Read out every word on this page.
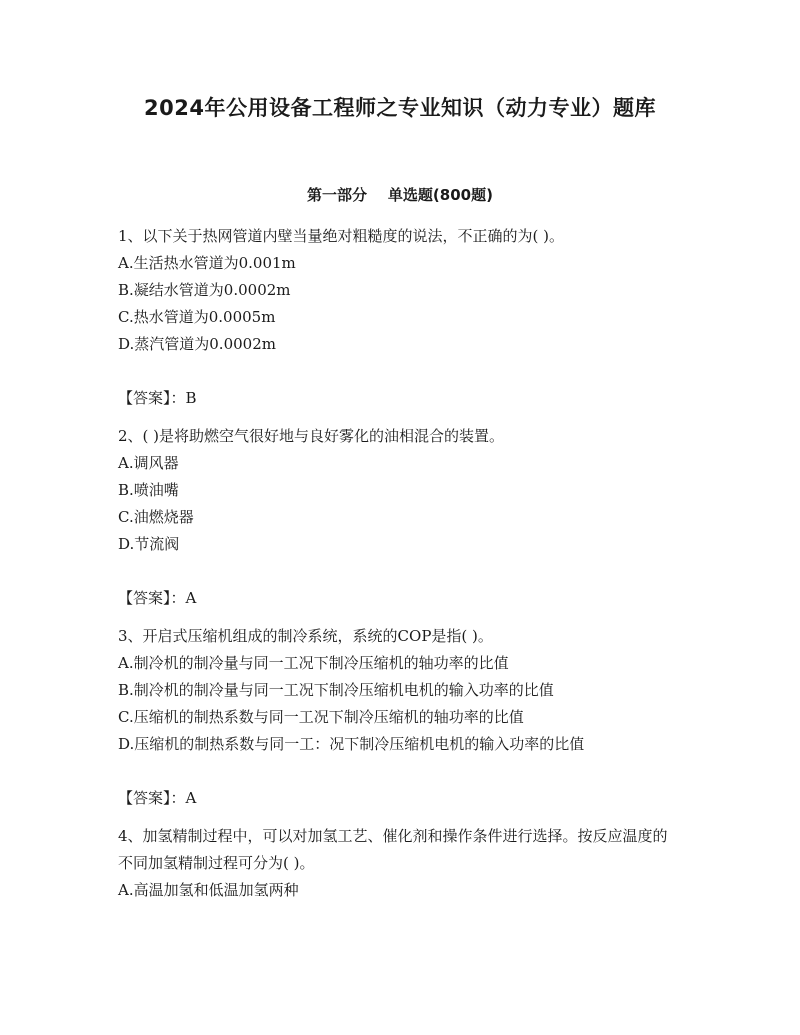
2024年公用设备工程师之专业知识（动力专业）题库
第一部分    单选题(800题)

1、以下关于热网管道内壁当量绝对粗糙度的说法，不正确的为( )。

A.生活热水管道为0.001m

B.凝结水管道为0.0002m

C.热水管道为0.0005m

D.蒸汽管道为0.0002m

【答案】：B

2、( )是将助燃空气很好地与良好雾化的油相混合的装置。

A.调风器

B.喷油嘴

C.油燃烧器

D.节流阀

【答案】：A

3、开启式压缩机组成的制冷系统，系统的COP是指( )。

A.制冷机的制冷量与同一工况下制冷压缩机的轴功率的比值

B.制冷机的制冷量与同一工况下制冷压缩机电机的输入功率的比值

C.压缩机的制热系数与同一工况下制冷压缩机的轴功率的比值

D.压缩机的制热系数与同一工：况下制冷压缩机电机的输入功率的比值

【答案】：A

4、加氢精制过程中，可以对加氢工艺、催化剂和操作条件进行选择。按反应温度的不同加氢精制过程可分为( )。

A.高温加氢和低温加氢两种
